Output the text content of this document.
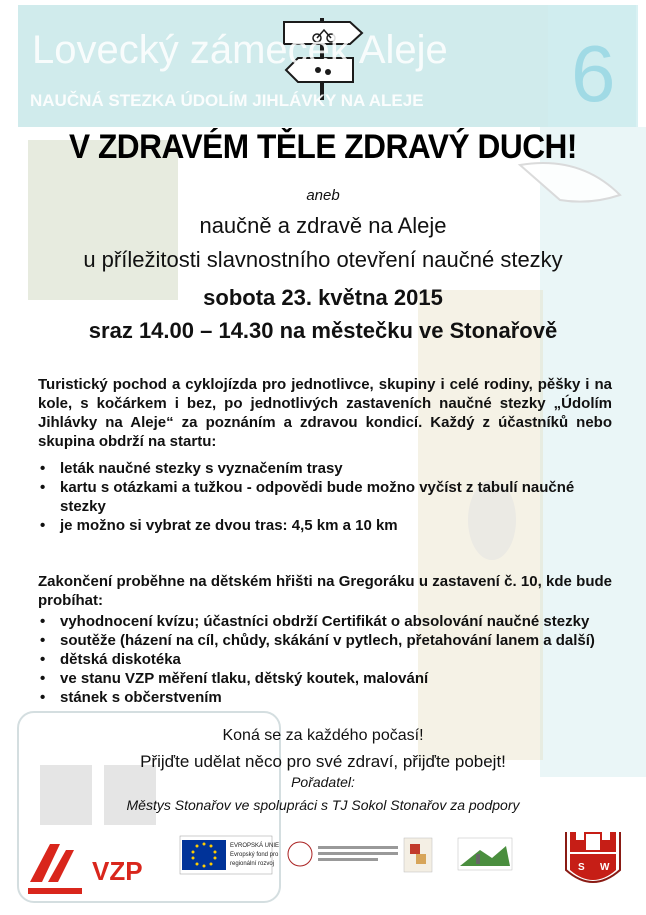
Lovecký zámeček Aleje
NAUČNÁ STEZKA ÚDOLÍM JIHLÁVKY NA ALEJE 6
V ZDRAVÉM TĚLE ZDRAVÝ DUCH!
aneb
naučně a zdravě na Aleje
u příležitosti slavnostního otevření naučné stezky
sobota 23. května 2015
sraz 14.00 – 14.30 na městečku ve Stonařově
Turistický pochod a cyklojízda pro jednotlivce, skupiny i celé rodiny, pěšky i na kole, s kočárkem i bez, po jednotlivých zastaveních naučné stezky „Údolím Jihlávky na Aleje“ za poznáním a zdravou kondicí. Každý z účastníků nebo skupina obdrží na startu:
• leták naučné stezky s vyznačením trasy
• kartu s otázkami a tužkou - odpovědi bude možno vyčíst z tabulí naučné stezky
• je možno si vybrat ze dvou tras: 4,5 km a 10 km
Zakončení proběhne na dětském hřišti na Gregoráku u zastavení č. 10, kde bude probíhat:
• vyhodnocení kvízu; účastníci obdrží Certifikát o absolování naučné stezky
• soutěže (házení na cíl, chůdy, skákání v pytlech, přetahování lanem a další)
• dětská diskotéka
• ve stanu VZP měření tlaku, dětský koutek, malování
• stánek s občerstvením
Koná se za každého počasí!
Přijďte udělat něco pro své zdraví, přijďte pobejt!
Pořadatel:
Městys Stonařov ve spolupráci s TJ Sokol Stonařov za podpory
VZP
EVROPSKÁ UNIE
Evropský fond pro
regionální rozvoj	S W
